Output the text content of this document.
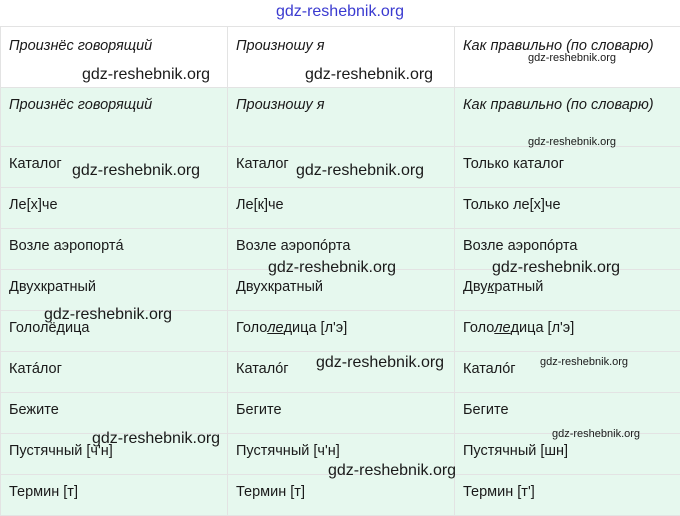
gdz-reshebnik.org
Произнёс говорящий	Произношу я	Как правильно (по словарю)
Произнёс говорящий	Произношу я	Как правильно (по словарю)
Каталог	Каталог	Только каталог
Ле[х]че	Ле[к]че	Только ле[х]че
Возле аэропортá	Возле аэропóрта	Возле аэропóрта
Двухкратный	Двухкратный	Двукратный
Гололёдица	Гололедица [л'э]	Гололедица [л'э]
Катáлог	Каталóг	Каталóг
Бежите	Бегите	Бегите
Пустячный [ч'н]	Пустячный [ч'н]	Пустячный [шн]
Термин [т]	Термин [т]	Термин [т']
gdz-reshebnik.org	gdz-reshebnik.org
gdz-reshebnik.org
gdz-reshebnik.org
gdz-reshebnik.org	gdz-reshebnik.org
gdz-reshebnik.org	gdz-reshebnik.org
gdz-reshebnik.org
gdz-reshebnik.org	gdz-reshebnik.org
gdz-reshebnik.org	gdz-reshebnik.org
gdz-reshebnik.org
